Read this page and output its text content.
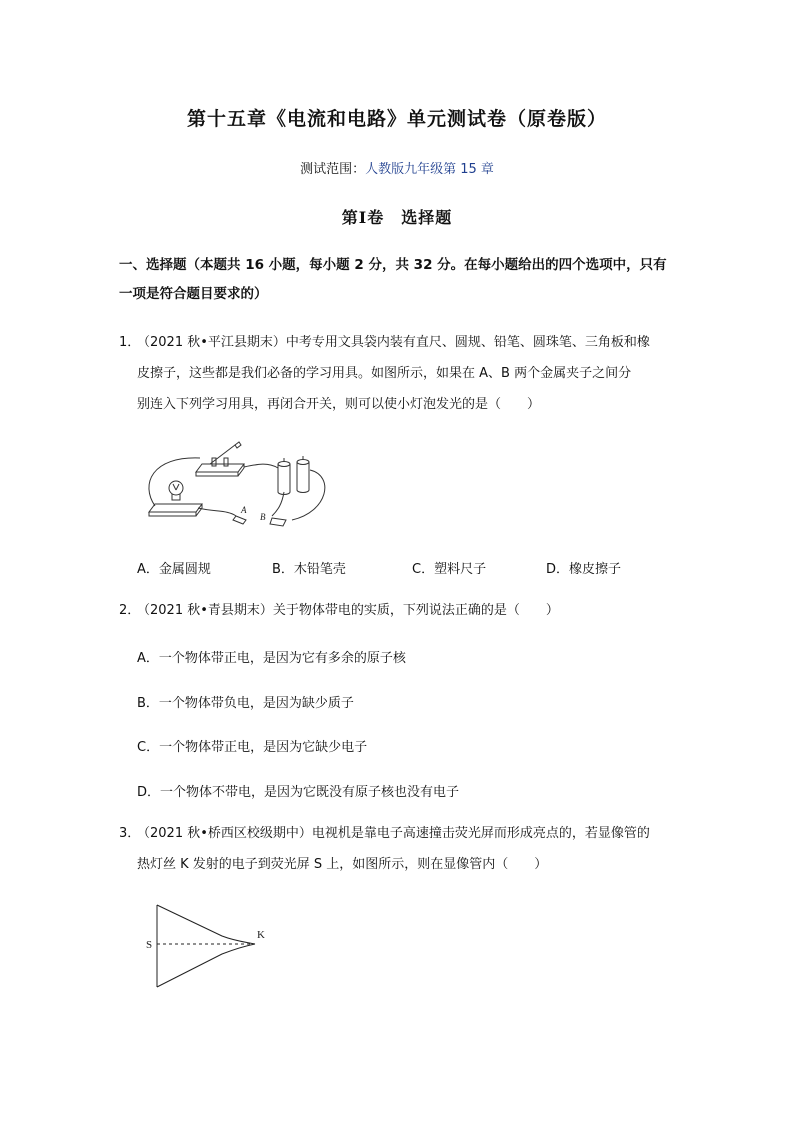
第十五章《电流和电路》单元测试卷（原卷版）
测试范围：人教版九年级第 15 章
第Ⅰ卷　选择题
一、选择题（本题共 16 小题，每小题 2 分，共 32 分。在每小题给出的四个选项中，只有
一项是符合题目要求的）
1．
（2021 秋•平江县期末）中考专用文具袋内装有直尺、圆规、铅笔、圆珠笔、三角板和橡
皮擦子，这些都是我们必备的学习用具。如图所示，如果在 A、B 两个金属夹子之间分
别连入下列学习用具，再闭合开关，则可以使小灯泡发光的是（　　）
A
B
A．金属圆规	B．木铅笔壳	C．塑料尺子	D．橡皮擦子
2．
（2021 秋•青县期末）关于物体带电的实质，下列说法正确的是（　　）
A．一个物体带正电，是因为它有多余的原子核
B．一个物体带负电，是因为缺少质子
C．一个物体带正电，是因为它缺少电子
D．一个物体不带电，是因为它既没有原子核也没有电子
3．
（2021 秋•桥西区校级期中）电视机是靠电子高速撞击荧光屏而形成亮点的，若显像管的
热灯丝 K 发射的电子到荧光屏 S 上，如图所示，则在显像管内（　　）
S
K
